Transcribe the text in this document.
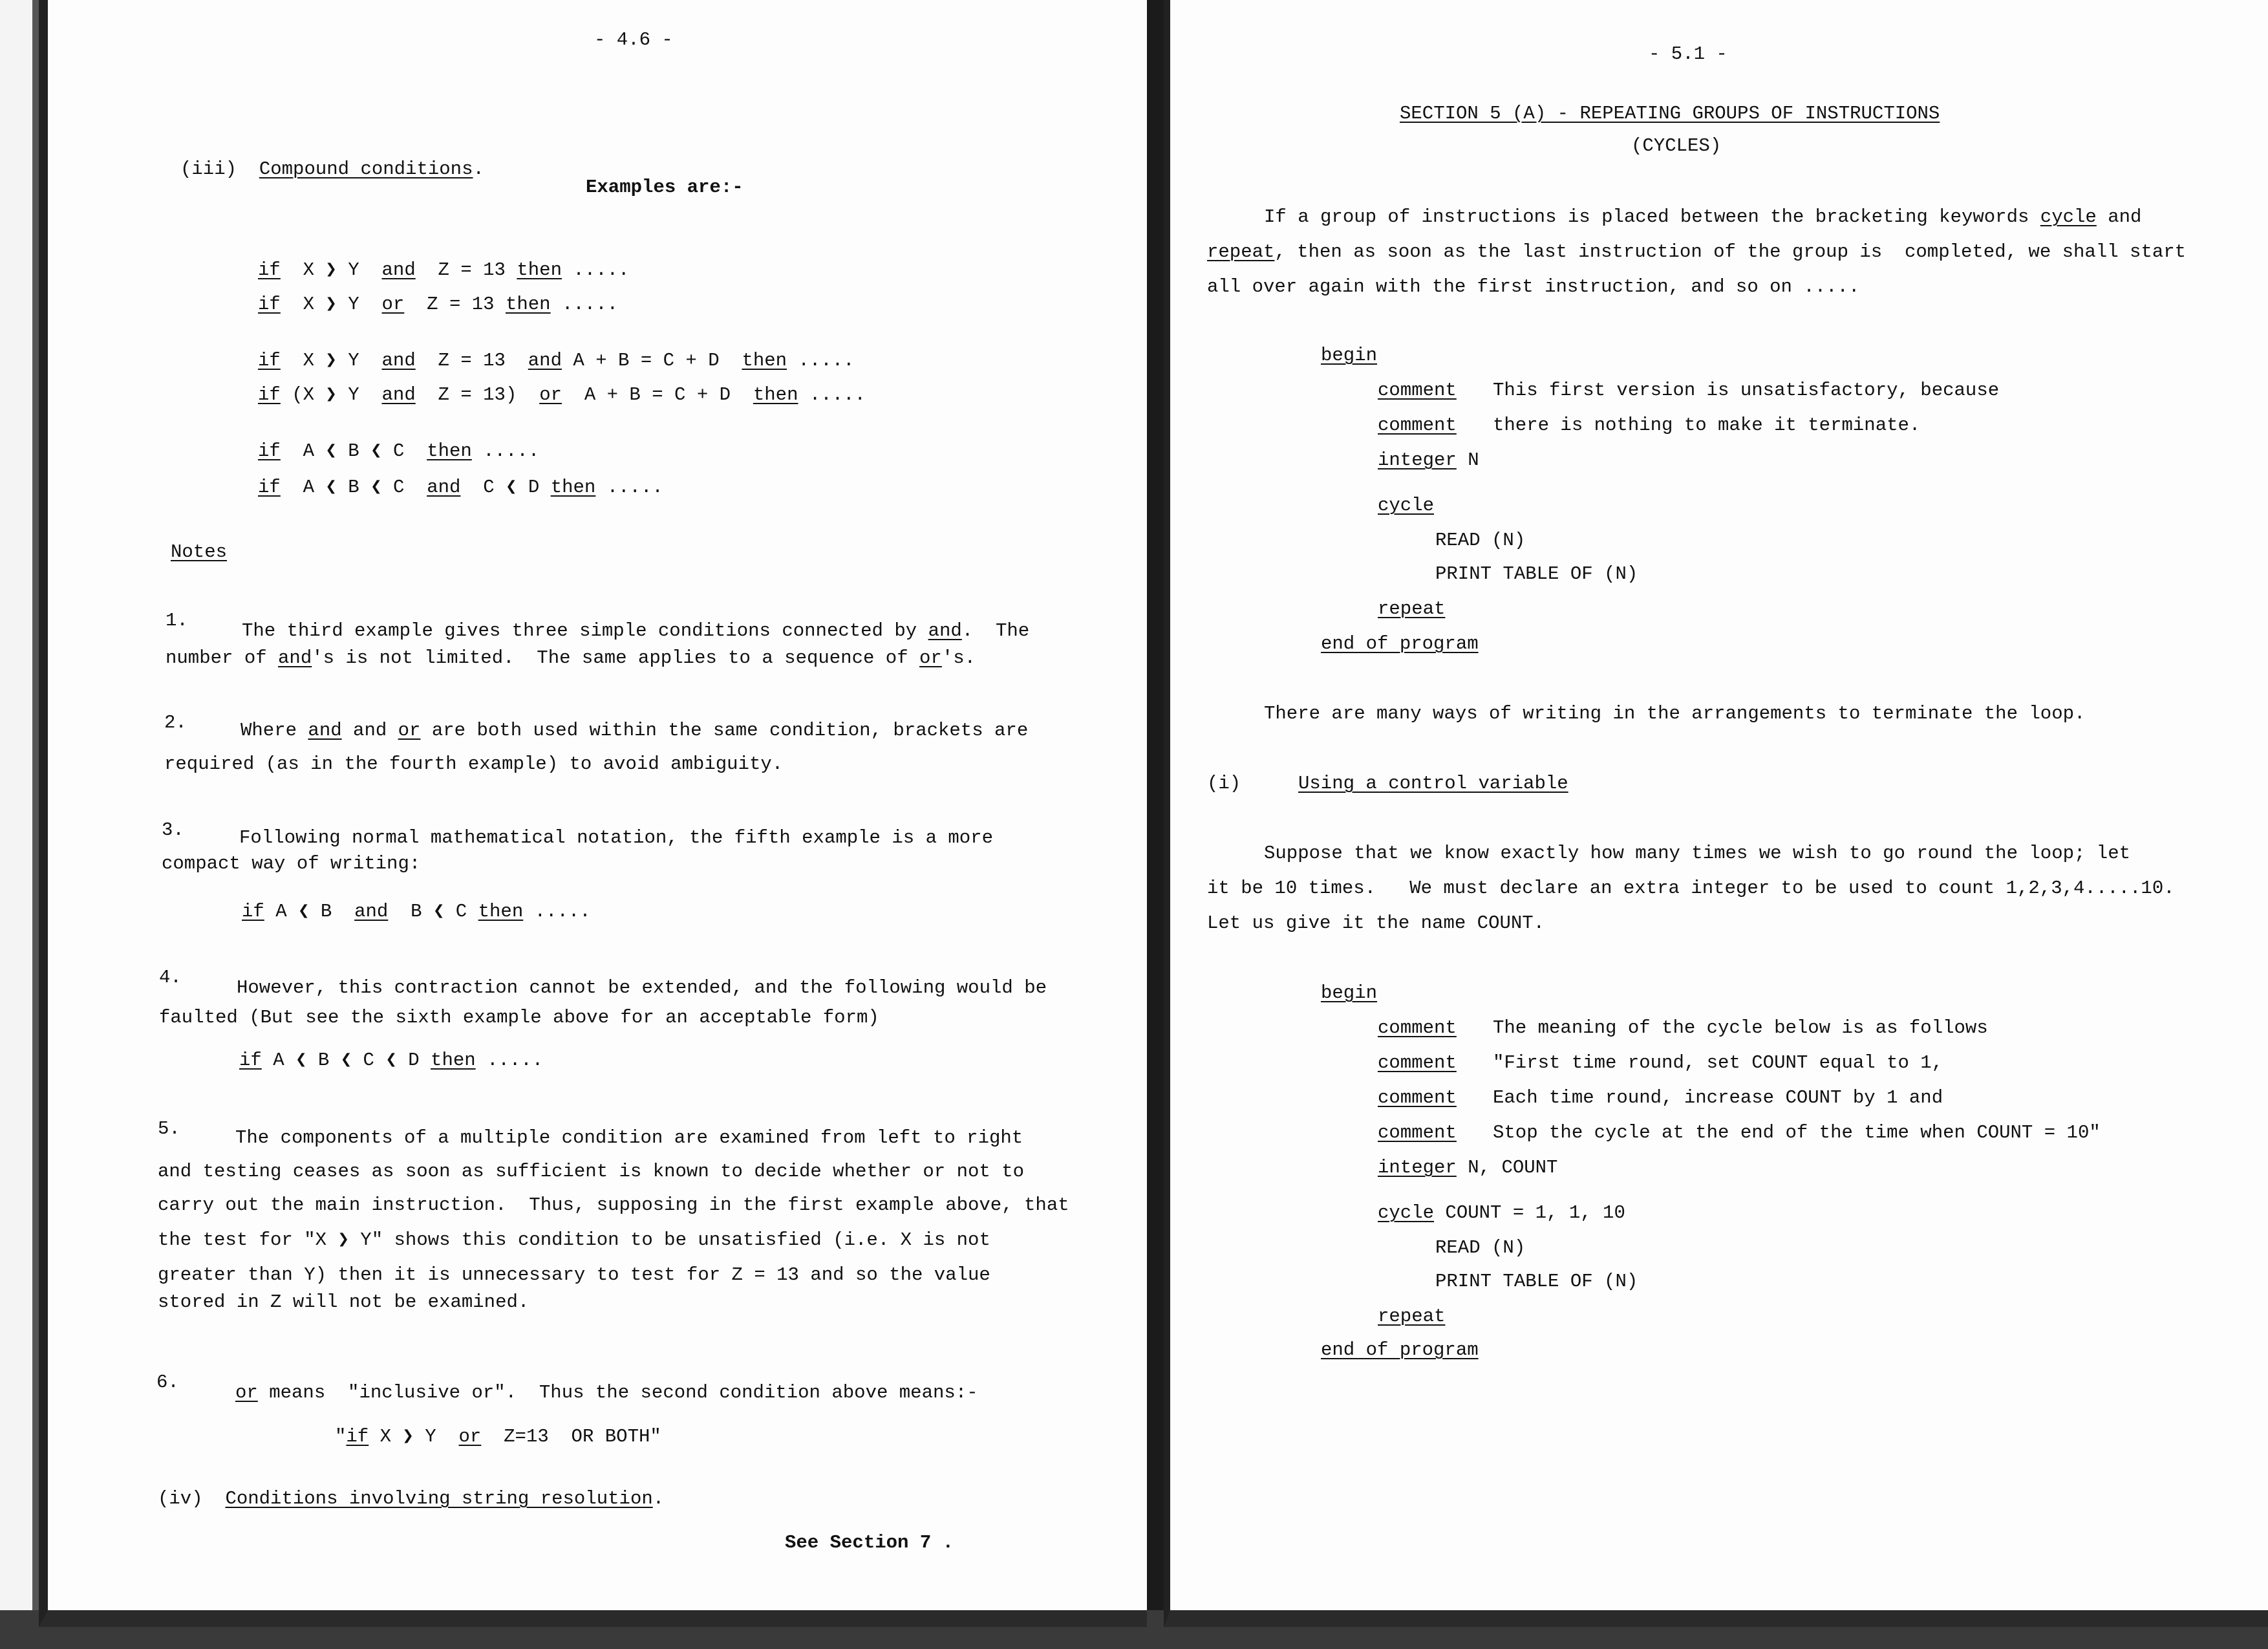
- 4.6 -
(iii) Compound conditions.
Examples are:-
if X ❯ Y and Z = 13 then .....
if X ❯ Y or Z = 13 then .....
if X ❯ Y and Z = 13 and A + B = C + D then .....
if (X ❯ Y and Z = 13) or A + B = C + D then .....
if A ❮ B ❮ C then .....
if A ❮ B ❮ C and C ❮ D then .....
Notes
1.	The third example gives three simple conditions connected by and.  The
number of and's is not limited.  The same applies to a sequence of or's.
2.	Where and and or are both used within the same condition, brackets are
required (as in the fourth example) to avoid ambiguity.
3.	Following normal mathematical notation, the fifth example is a more
compact way of writing:
if A ❮ B and B ❮ C then .....
4.	However, this contraction cannot be extended, and the following would be
faulted (But see the sixth example above for an acceptable form)
if A ❮ B ❮ C ❮ D then .....
5.	The components of a multiple condition are examined from left to right
and testing ceases as soon as sufficient is known to decide whether or not to
carry out the main instruction.  Thus, supposing in the first example above, that
the test for "X ❯ Y" shows this condition to be unsatisfied (i.e. X is not
greater than Y) then it is unnecessary to test for Z = 13 and so the value
stored in Z will not be examined.
6.	or means  "inclusive or".  Thus the second condition above means:-
"if X ❯ Y  or  Z=13  OR BOTH"
(iv) Conditions involving string resolution.
See Section 7 .
- 5.1 -
SECTION 5 (A) - REPEATING GROUPS OF INSTRUCTIONS
(CYCLES)
If a group of instructions is placed between the bracketing keywords cycle and
repeat, then as soon as the last instruction of the group is  completed, we shall start
all over again with the first instruction, and so on .....
begin
comment This first version is unsatisfactory, because
comment there is nothing to make it terminate.
integer N
cycle
READ (N)
PRINT TABLE OF (N)
repeat
end of program
There are many ways of writing in the arrangements to terminate the loop.
(i)	Using a control variable
Suppose that we know exactly how many times we wish to go round the loop; let
it be 10 times.   We must declare an extra integer to be used to count 1,2,3,4.....10.
Let us give it the name COUNT.
begin
comment The meaning of the cycle below is as follows
comment "First time round, set COUNT equal to 1,
comment Each time round, increase COUNT by 1 and
comment Stop the cycle at the end of the time when COUNT = 10"
integer N, COUNT
cycle COUNT = 1, 1, 10
READ (N)
PRINT TABLE OF (N)
repeat
end of program
